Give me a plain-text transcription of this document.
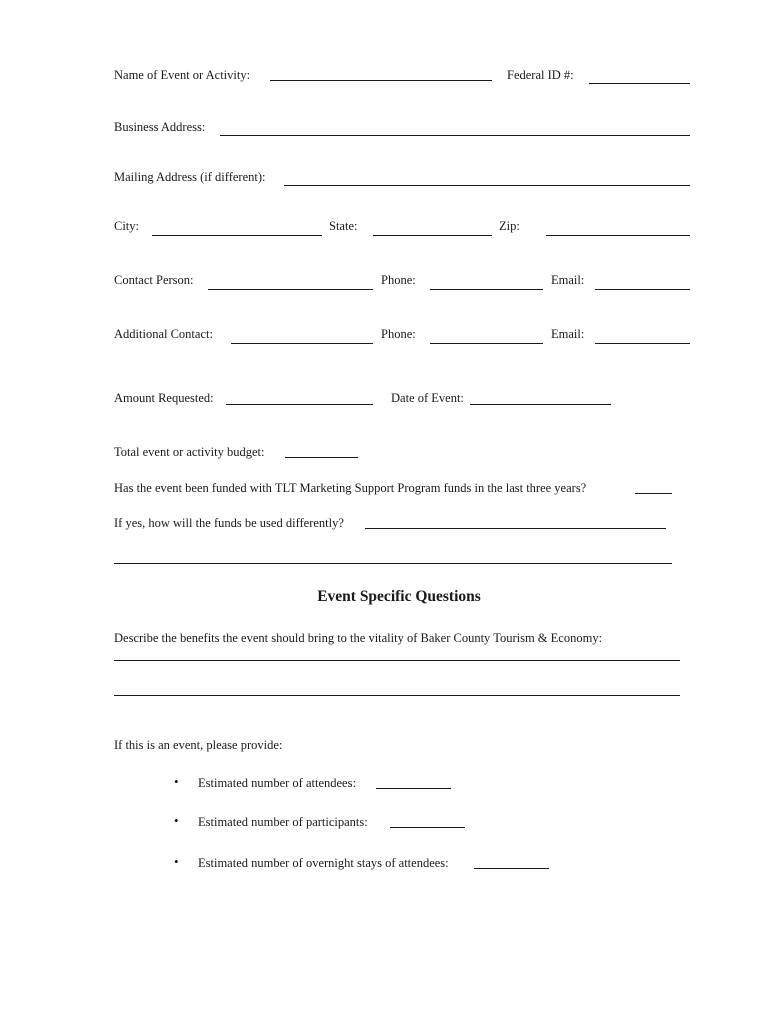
Name of Event or Activity:	Federal ID #:
Business Address:
Mailing Address (if different):
City:	State:	Zip:
Contact Person:	Phone:	Email:
Additional Contact:	Phone:	Email:
Amount Requested:	Date of Event:
Total event or activity budget:
Has the event been funded with TLT Marketing Support Program funds in the last three years?
If yes, how will the funds be used differently?
Event Specific Questions
Describe the benefits the event should bring to the vitality of Baker County Tourism & Economy:
If this is an event, please provide:
• Estimated number of attendees:
• Estimated number of participants:
• Estimated number of overnight stays of attendees:
